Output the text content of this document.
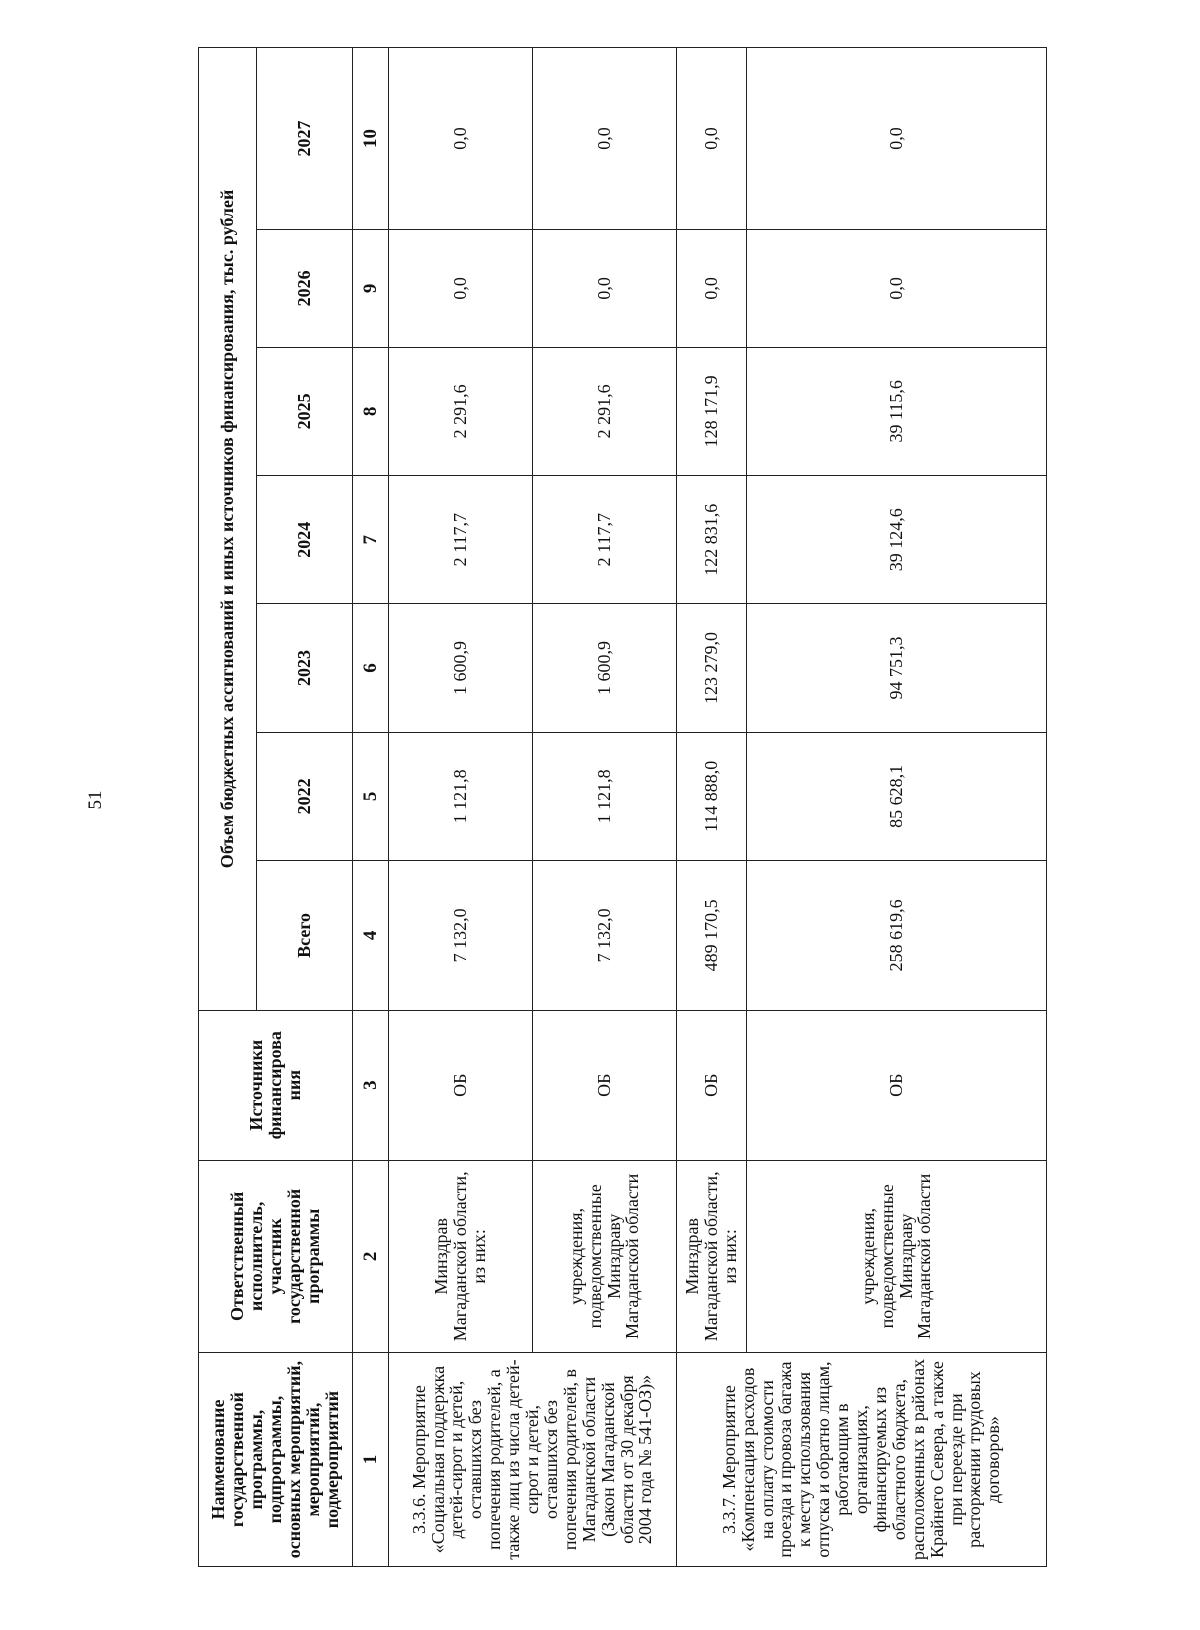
51
Наименование государственной программы, подпрограммы, основных мероприятий, мероприятий, подмероприятий	Ответственный исполнитель, участник государственной программы	Источники финансирова ния	Объем бюджетных ассигнований и иных источников финансирования, тыс. рублей						
			Всего	2022	2023	2024	2025	2026	2027
1	2	3	4	5	6	7	8	9	10
3.3.6. Мероприятие «Социальная поддержка детей-сирот и детей, оставшихся без попечения родителей, а также лиц из числа детей-сирот и детей, оставшихся без попечения родителей, в Магаданской области (Закон Магаданской области от 30 декабря 2004 года № 541-ОЗ)»	Минздрав Магаданской области, из них:	ОБ	7 132,0	1 121,8	1 600,9	2 117,7	2 291,6	0,0	0,0
	учреждения, подведомственные Минздраву Магаданской области	ОБ	7 132,0	1 121,8	1 600,9	2 117,7	2 291,6	0,0	0,0
3.3.7. Мероприятие «Компенсация расходов на оплату стоимости проезда и провоза багажа к месту использования отпуска и обратно лицам, работающим в организациях, финансируемых из областного бюджета, расположенных в районах Крайнего Севера, а также при переезде при расторжении трудовых договоров»	Минздрав Магаданской области, из них:	ОБ	489 170,5	114 888,0	123 279,0	122 831,6	128 171,9	0,0	0,0
	учреждения, подведомственные Минздраву Магаданской области	ОБ	258 619,6	85 628,1	94 751,3	39 124,6	39 115,6	0,0	0,0
